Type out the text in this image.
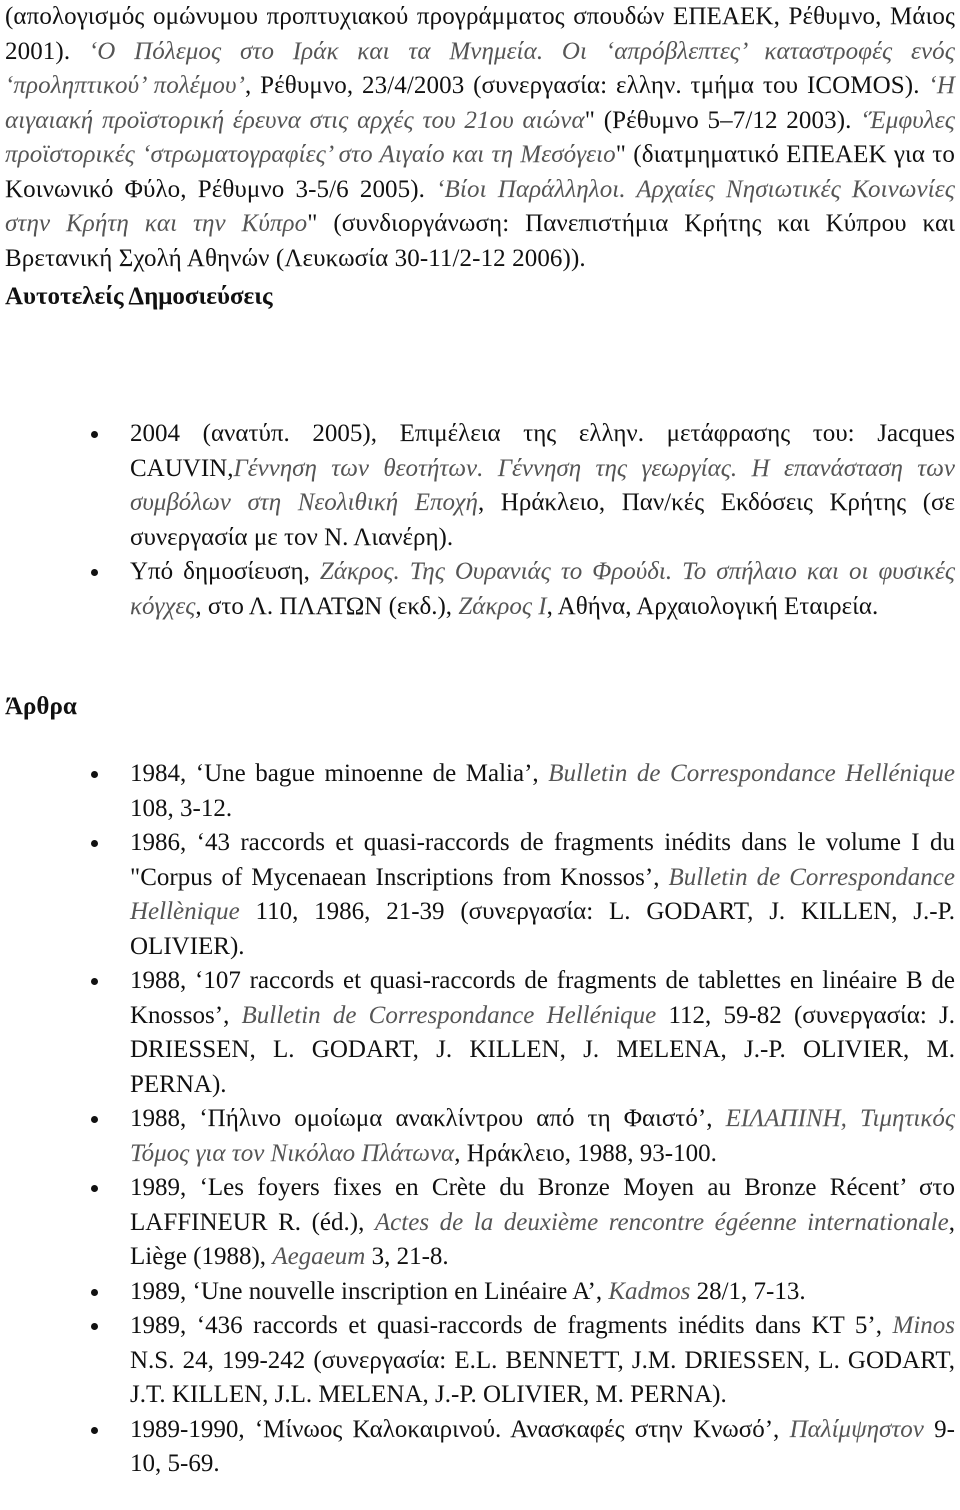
(απολογισμός ομώνυμου προπτυχιακού προγράμματος σπουδών ΕΠΕΑΕΚ, Ρέθυμνο, Μάιος 2001). ‘Ο Πόλεμος στο Ιράκ και τα Μνημεία. Οι ‘απρόβλεπτες’ καταστροφές ενός ‘προληπτικού’ πολέμου’, Ρέθυμνο, 23/4/2003 (συνεργασία: ελλην. τμήμα του ICOMOS). ‘Η αιγαιακή προϊστορική έρευνα στις αρχές του 21ου αιώνα" (Ρέθυμνο 5–7/12 2003). ‘Έμφυλες προϊστορικές ‘στρωματογραφίες’ στο Αιγαίο και τη Μεσόγειο" (διατμηματικό ΕΠΕΑΕΚ για το Κοινωνικό Φύλο, Ρέθυμνο 3-5/6 2005). ‘Βίοι Παράλληλοι. Αρχαίες Νησιωτικές Κοινωνίες στην Κρήτη και την Κύπρο" (συνδιοργάνωση: Πανεπιστήμια Κρήτης και Κύπρου και Βρετανική Σχολή Αθηνών (Λευκωσία 30-11/2-12 2006)).

Αυτοτελείς Δημοσιεύσεις
2004 (ανατύπ. 2005), Επιμέλεια της ελλην. μετάφρασης του: Jacques CAUVIN,Γέννηση των θεοτήτων. Γέννηση της γεωργίας. Η επανάσταση των συμβόλων στη Νεολιθική Εποχή, Ηράκλειο, Παν/κές Εκδόσεις Κρήτης (σε συνεργασία με τον Ν. Λιανέρη).
Υπό δημοσίευση, Ζάκρος. Της Ουρανιάς το Φρούδι. Το σπήλαιο και οι φυσικές κόγχες, στο Λ. ΠΛΑΤΩΝ (εκδ.), Ζάκρος Ι, Αθήνα, Αρχαιολογική Εταιρεία.
Άρθρα
1984, ‘Une bague minoenne de Malia’, Bulletin de Correspondance Hellénique 108, 3-12.
1986, ‘43 raccords et quasi-raccords de fragments inédits dans le volume I du "Corpus of Mycenaean Inscriptions from Knossos’, Bulletin de Correspondance Hellènique 110, 1986, 21-39 (συνεργασία: L. GODART, J. KILLEN, J.-P. OLIVIER).
1988, ‘107 raccords et quasi-raccords de fragments de tablettes en linéaire B de Knossos’, Bulletin de Correspondance Hellénique 112, 59-82 (συνεργασία: J. DRIESSEN, L. GODART, J. KILLEN, J. MELENA, J.-P. OLIVIER, M. PERNA).
1988, ‘Πήλινο ομοίωμα ανακλίντρου από τη Φαιστό’, ΕΙΛΑΠΙΝΗ, Τιμητικός Τόμος για τον Νικόλαο Πλάτωνα, Ηράκλειο, 1988, 93-100.
1989, ‘Les foyers fixes en Crète du Bronze Moyen au Bronze Récent’ στο LAFFINEUR R. (éd.), Actes de la deuxième rencontre égéenne internationale, Liège (1988), Aegaeum 3, 21-8.
1989, ‘Une nouvelle inscription en Linéaire A’, Kadmos 28/1, 7-13.
1989, ‘436 raccords et quasi-raccords de fragments inédits dans KT 5’, Minos N.S. 24, 199-242 (συνεργασία: E.L. BENNETT, J.M. DRIESSEN, L. GODART, J.T. KILLEN, J.L. MELENA, J.-P. OLIVIER, M. PERNA).
1989-1990, ‘Μίνωος Καλοκαιρινού. Ανασκαφές στην Κνωσό’, Παλίμψηστον 9-10, 5-69.
